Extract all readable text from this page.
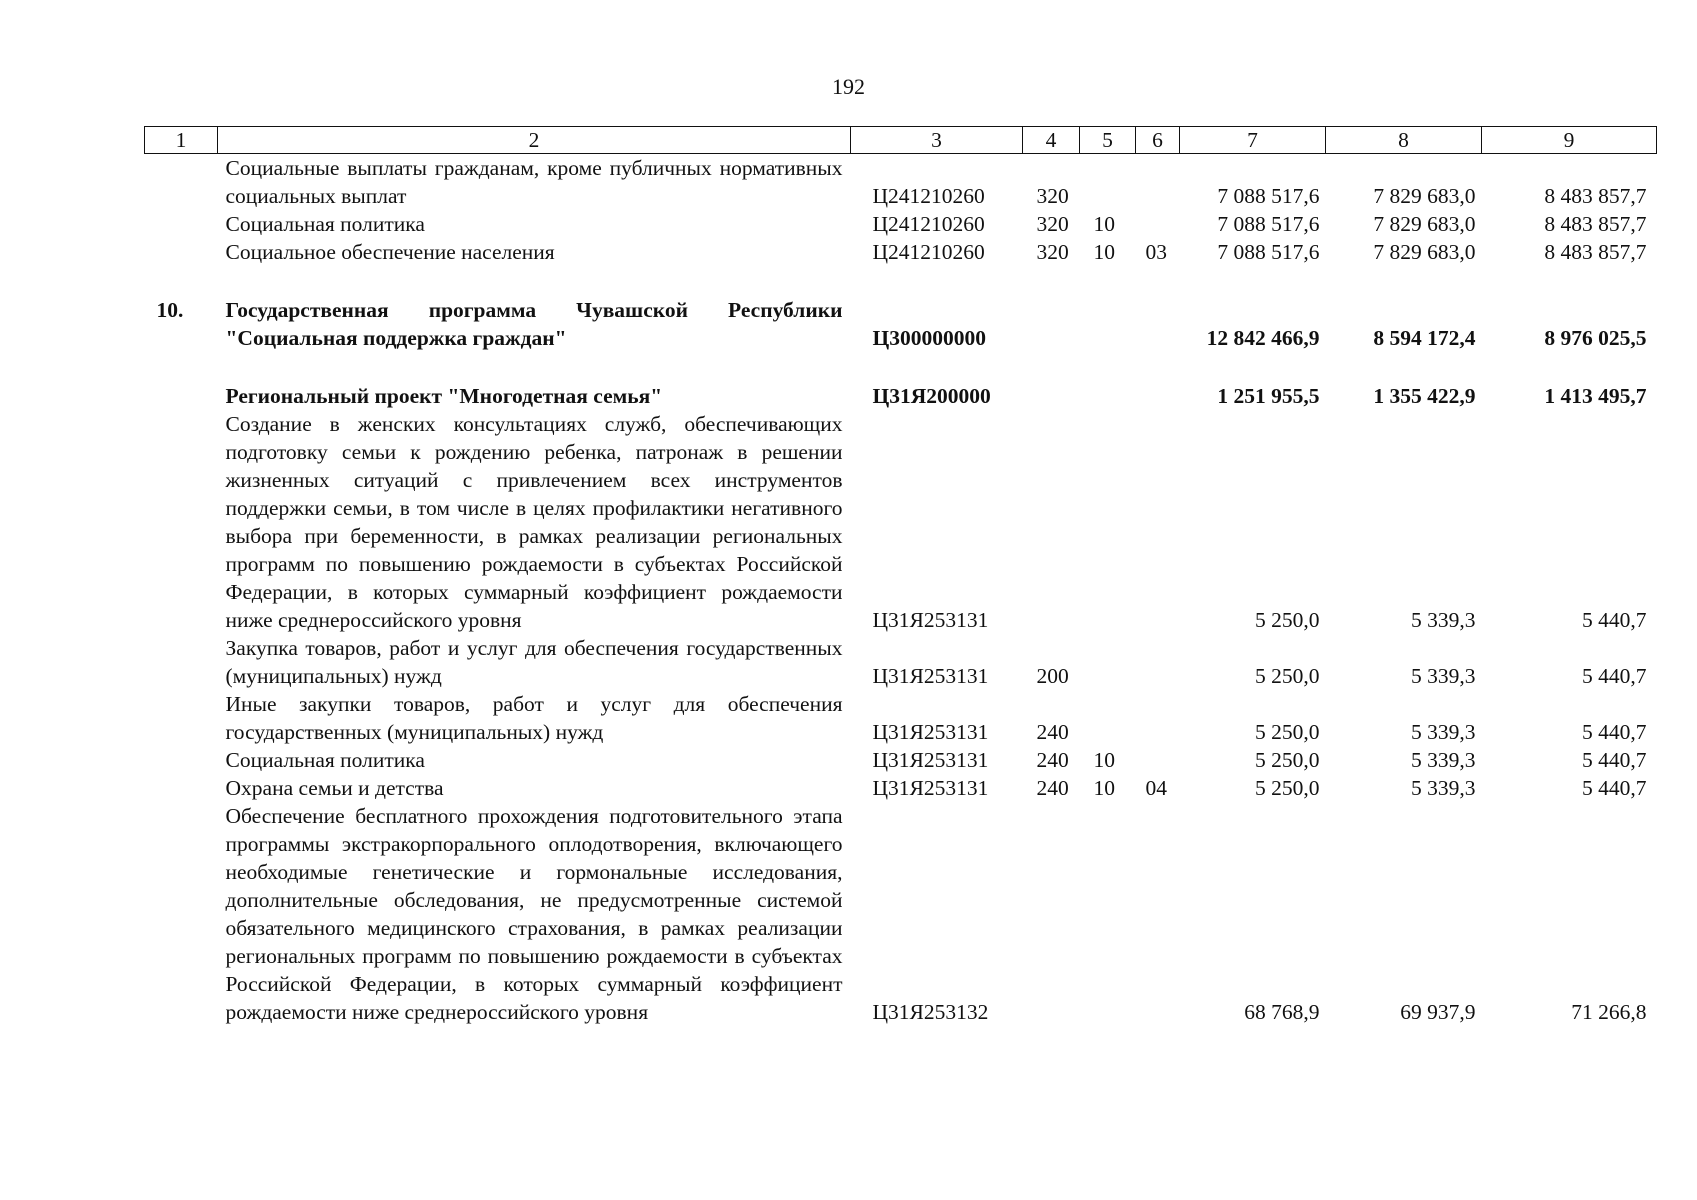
192
1	2	3	4	5	6	7	8	9
	Социальные выплаты гражданам, кроме публичных нормативных социальных выплат	Ц241210260	320			7 088 517,6	7 829 683,0	8 483 857,7
	Социальная политика	Ц241210260	320	10		7 088 517,6	7 829 683,0	8 483 857,7
	Социальное обеспечение населения	Ц241210260	320	10	03	7 088 517,6	7 829 683,0	8 483 857,7

10.	Государственная программа Чувашской Республики "Социальная поддержка граждан"	Ц300000000				12 842 466,9	8 594 172,4	8 976 025,5

	Региональный проект "Многодетная семья"	Ц31Я200000				1 251 955,5	1 355 422,9	1 413 495,7
	Создание в женских консультациях служб, обеспечивающих подготовку семьи к рождению ребенка, патронаж в решении жизненных ситуаций с привлечением всех инструментов поддержки семьи, в том числе в целях профилактики негативного выбора при беременности, в рамках реализации региональных программ по повышению рождаемости в субъектах Российской Федерации, в которых суммарный коэффициент рождаемости ниже среднероссийского уровня	Ц31Я253131				5 250,0	5 339,3	5 440,7
	Закупка товаров, работ и услуг для обеспечения государственных (муниципальных) нужд	Ц31Я253131	200			5 250,0	5 339,3	5 440,7
	Иные закупки товаров, работ и услуг для обеспечения государственных (муниципальных) нужд	Ц31Я253131	240			5 250,0	5 339,3	5 440,7
	Социальная политика	Ц31Я253131	240	10		5 250,0	5 339,3	5 440,7
	Охрана семьи и детства	Ц31Я253131	240	10	04	5 250,0	5 339,3	5 440,7
	Обеспечение бесплатного прохождения подготовительного этапа программы экстракорпорального оплодотворения, включающего необходимые генетические и гормональные исследования, дополнительные обследования, не предусмотренные системой обязательного медицинского страхования, в рамках реализации региональных программ по повышению рождаемости в субъектах Российской Федерации, в которых суммарный коэффициент рождаемости ниже среднероссийского уровня	Ц31Я253132				68 768,9	69 937,9	71 266,8
